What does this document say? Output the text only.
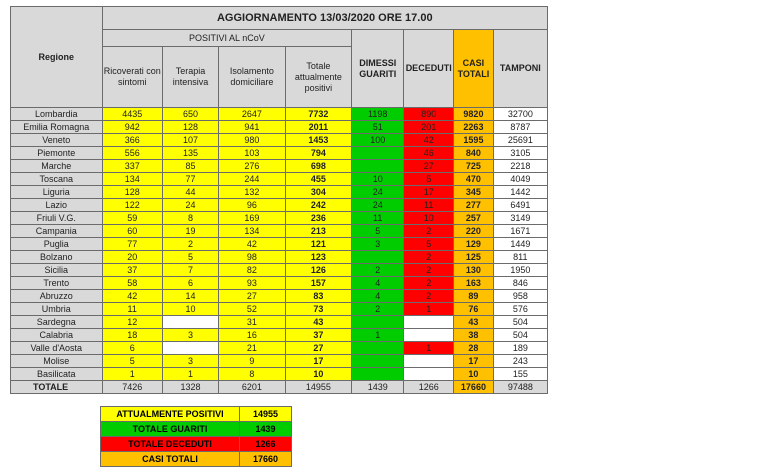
Regione	AGGIORNAMENTO 13/03/2020 ORE 17.00							
	POSITIVI AL nCoV				DIMESSI GUARITI	DECEDUTI	CASI TOTALI	TAMPONI
	Ricoverati con sintomi	Terapia intensiva	Isolamento domiciliare	Totale attualmente positivi				
Lombardia	4435	650	2647	7732	1198	890	9820	32700
Emilia Romagna	942	128	941	2011	51	201	2263	8787
Veneto	366	107	980	1453	100	42	1595	25691
Piemonte	556	135	103	794		46	840	3105
Marche	337	85	276	698		27	725	2218
Toscana	134	77	244	455	10	5	470	4049
Liguria	128	44	132	304	24	17	345	1442
Lazio	122	24	96	242	24	11	277	6491
Friuli V.G.	59	8	169	236	11	10	257	3149
Campania	60	19	134	213	5	2	220	1671
Puglia	77	2	42	121	3	5	129	1449
Bolzano	20	5	98	123		2	125	811
Sicilia	37	7	82	126	2	2	130	1950
Trento	58	6	93	157	4	2	163	846
Abruzzo	42	14	27	83	4	2	89	958
Umbria	11	10	52	73	2	1	76	576
Sardegna	12		31	43			43	504
Calabria	18	3	16	37	1		38	504
Valle d'Aosta	6		21	27		1	28	189
Molise	5	3	9	17			17	243
Basilicata	1	1	8	10			10	155
TOTALE	7426	1328	6201	14955	1439	1266	17660	97488
ATTUALMENTE POSITIVI	14955
TOTALE GUARITI	1439
TOTALE DECEDUTI	1266
CASI TOTALI	17660
